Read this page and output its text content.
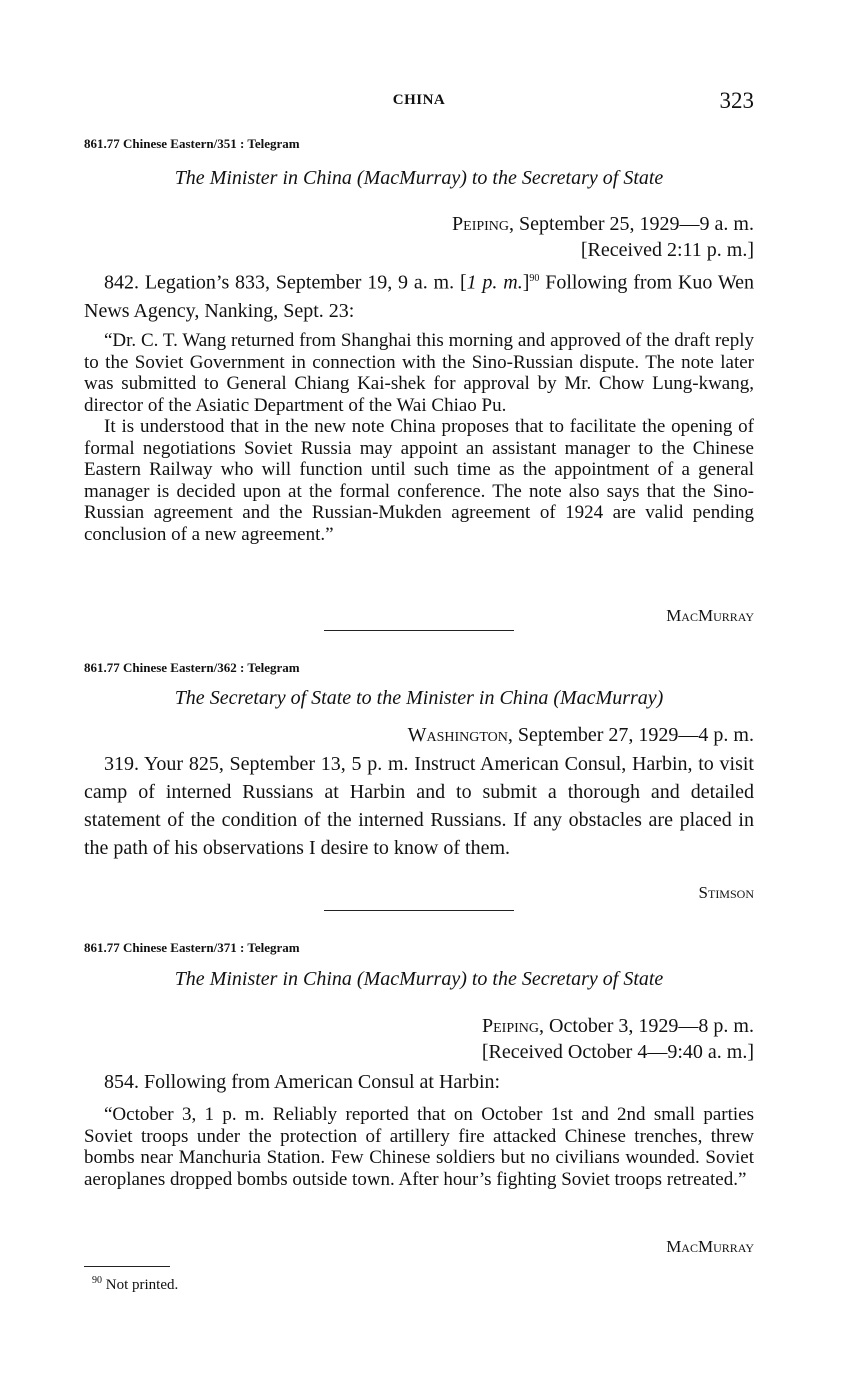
CHINA	323
861.77 Chinese Eastern/351 : Telegram
The Minister in China (MacMurray) to the Secretary of State
Peiping, September 25, 1929—9 a. m.
[Received 2:11 p. m.]
842. Legation’s 833, September 19, 9 a. m. [1 p. m.]$^{90}$ Following from Kuo Wen News Agency, Nanking, Sept. 23:

“Dr. C. T. Wang returned from Shanghai this morning and approved of the draft reply to the Soviet Government in connection with the Sino-Russian dispute. The note later was submitted to General Chiang Kai-shek for approval by Mr. Chow Lung-kwang, director of the Asiatic Department of the Wai Chiao Pu.

It is understood that in the new note China proposes that to facilitate the opening of formal negotiations Soviet Russia may appoint an assistant manager to the Chinese Eastern Railway who will function until such time as the appointment of a general manager is decided upon at the formal conference. The note also says that the Sino-Russian agreement and the Russian-Mukden agreement of 1924 are valid pending conclusion of a new agreement.”

MacMurray
861.77 Chinese Eastern/362 : Telegram
The Secretary of State to the Minister in China (MacMurray)
Washington, September 27, 1929—4 p. m.
319. Your 825, September 13, 5 p. m. Instruct American Consul, Harbin, to visit camp of interned Russians at Harbin and to submit a thorough and detailed statement of the condition of the interned Russians. If any obstacles are placed in the path of his observations I desire to know of them.
Stimson
861.77 Chinese Eastern/371 : Telegram
The Minister in China (MacMurray) to the Secretary of State
Peiping, October 3, 1929—8 p. m.
[Received October 4—9:40 a. m.]
854. Following from American Consul at Harbin:

“October 3, 1 p. m. Reliably reported that on October 1st and 2nd small parties Soviet troops under the protection of artillery fire attacked Chinese trenches, threw bombs near Manchuria Station. Few Chinese soldiers but no civilians wounded. Soviet aeroplanes dropped bombs outside town. After hour’s fighting Soviet troops retreated.”

MacMurray
$^{90}$ Not printed.
